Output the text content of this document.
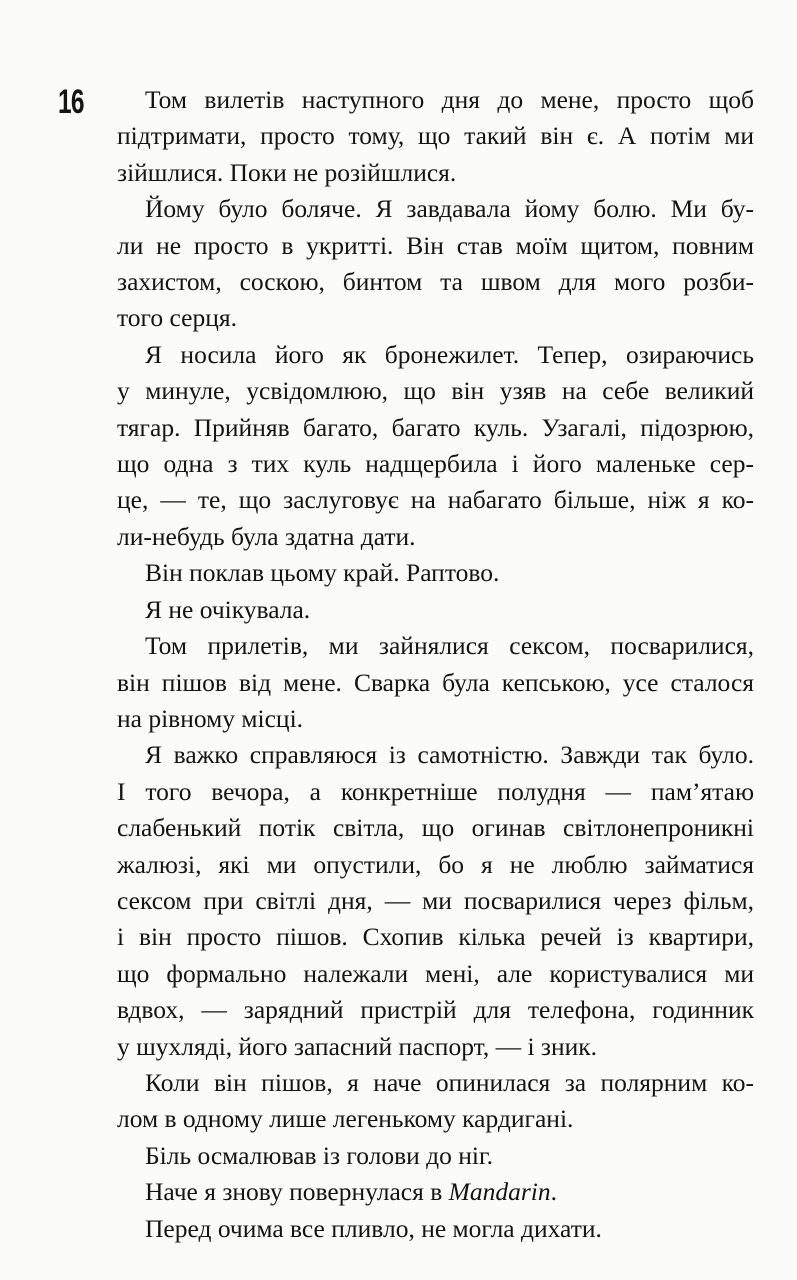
16	Том вилетів наступного дня до мене, просто щоб
підтримати, просто тому, що такий він є. А потім ми
зійшлися. Поки не розійшлися.

Йому було боляче. Я завдавала йому болю. Ми бу-
ли не просто в укритті. Він став моїм щитом, повним
захистом, соскою, бинтом та швом для мого розби-
того серця.

Я носила його як бронежилет. Тепер, озираючись
у минуле, усвідомлюю, що він узяв на себе великий
тягар. Прийняв багато, багато куль. Узагалі, підозрюю,
що одна з тих куль надщербила і його маленьке сер-
це, — те, що заслуговує на набагато більше, ніж я ко-
ли-небудь була здатна дати.

Він поклав цьому край. Раптово.

Я не очікувала.

Том прилетів, ми зайнялися сексом, посварилися,
він пішов від мене. Сварка була кепською, усе сталося
на рівному місці.

Я важко справляюся із самотністю. Завжди так було.
І того вечора, а конкретніше полудня — пам’ятаю
слабенький потік світла, що огинав світлонепроникні
жалюзі, які ми опустили, бо я не люблю займатися
сексом при світлі дня, — ми посварилися через фільм,
і він просто пішов. Схопив кілька речей із квартири,
що формально належали мені, але користувалися ми
вдвох, — зарядний пристрій для телефона, годинник
у шухляді, його запасний паспорт, — і зник.

Коли він пішов, я наче опинилася за полярним ко-
лом в одному лише легенькому кардигані.

Біль осмалював із голови до ніг.

Наче я знову повернулася в Mandarin.

Перед очима все пливло, не могла дихати.
